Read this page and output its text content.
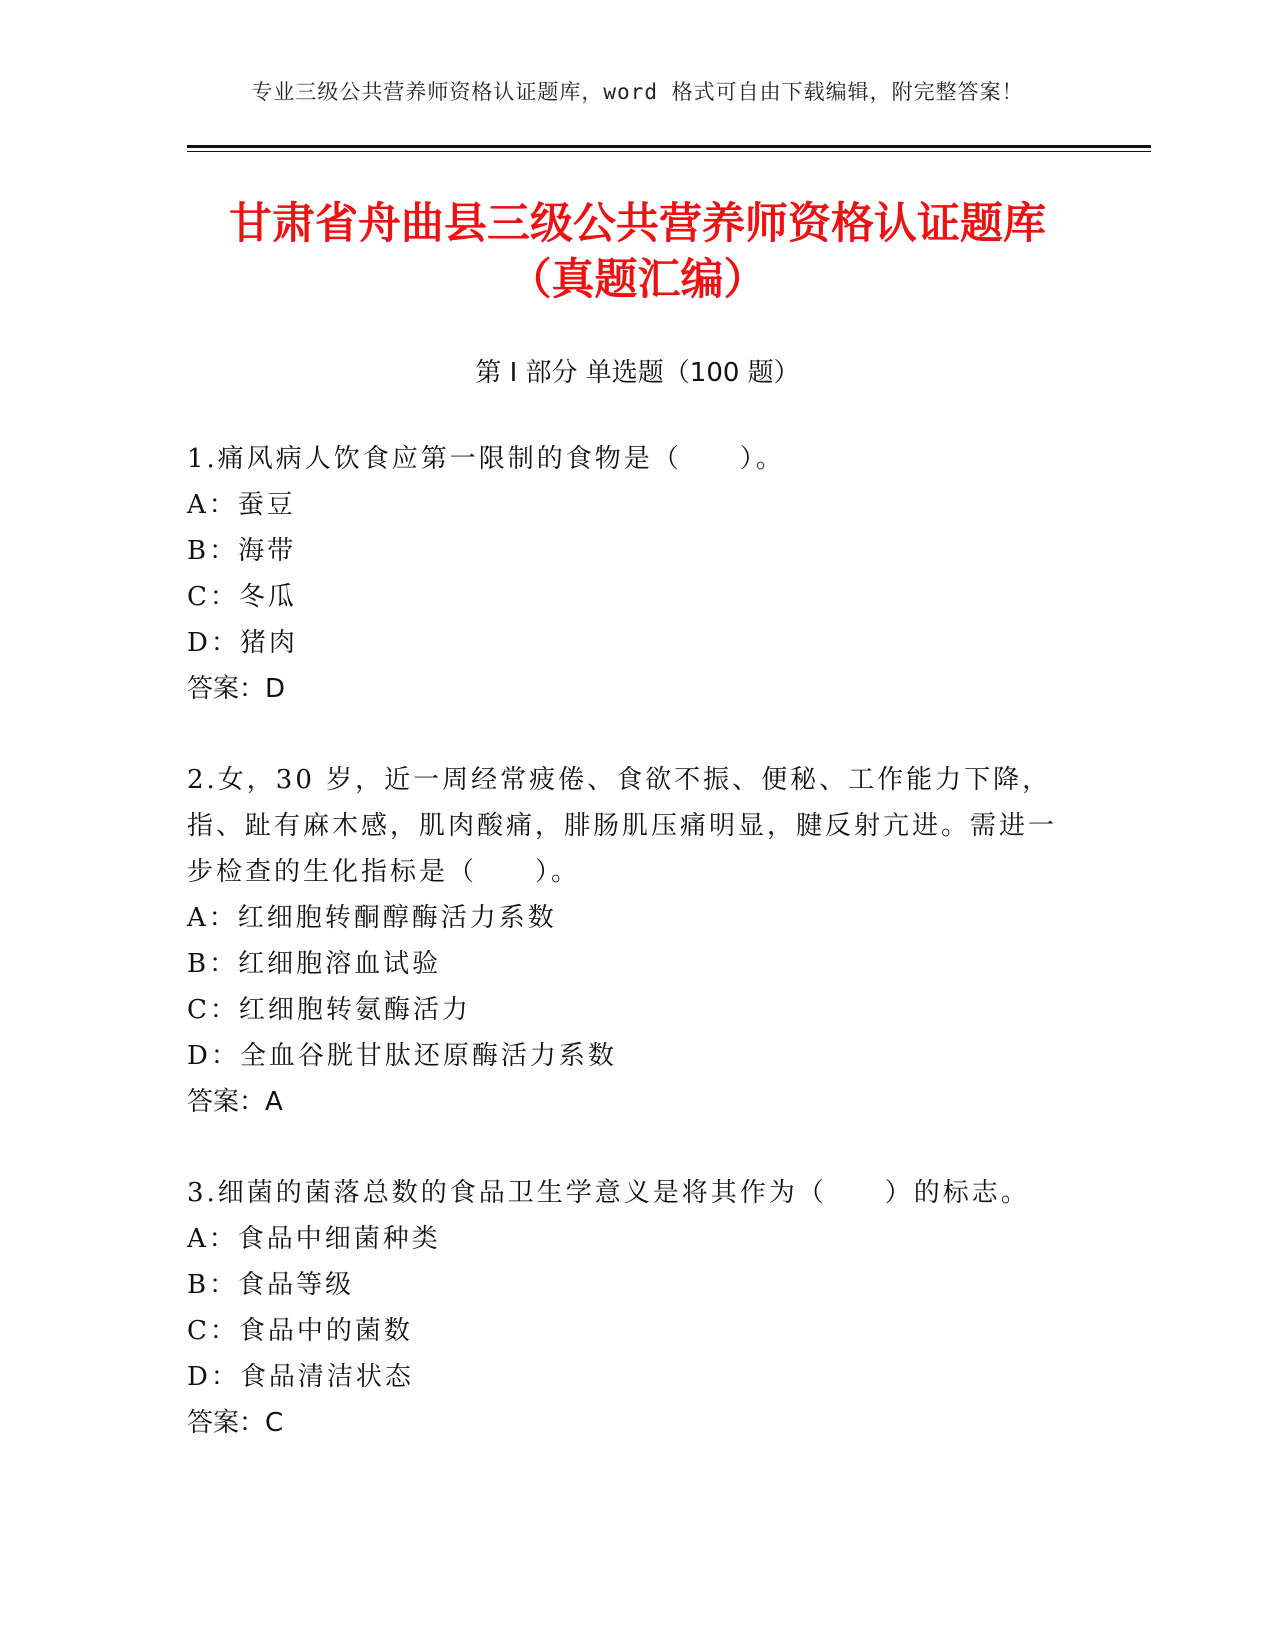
专业三级公共营养师资格认证题库，word 格式可自由下载编辑，附完整答案！
甘肃省舟曲县三级公共营养师资格认证题库
（真题汇编）
第 I 部分 单选题（100 题）

1.痛风病人饮食应第一限制的食物是（　　）。

A：蚕豆

B：海带

C：冬瓜

D：猪肉

答案：D

2.女，30 岁，近一周经常疲倦、食欲不振、便秘、工作能力下降，指、趾有麻木感，肌肉酸痛，腓肠肌压痛明显，腱反射亢进。需进一步检查的生化指标是（　　）。

A：红细胞转酮醇酶活力系数

B：红细胞溶血试验

C：红细胞转氨酶活力

D：全血谷胱甘肽还原酶活力系数

答案：A

3.细菌的菌落总数的食品卫生学意义是将其作为（　　）的标志。

A：食品中细菌种类

B：食品等级

C：食品中的菌数

D：食品清洁状态

答案：C
